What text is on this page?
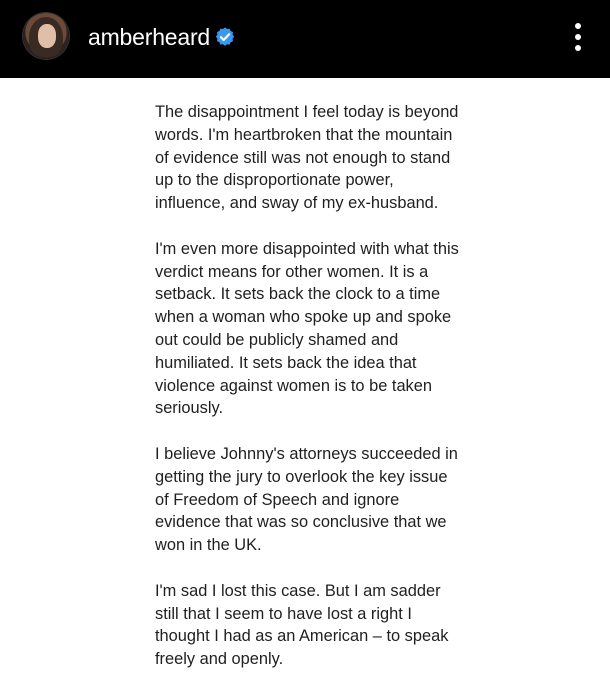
amberheard

The disappointment I feel today is beyond
words. I'm heartbroken that the mountain
of evidence still was not enough to stand
up to the disproportionate power,
influence, and sway of my ex-husband.

I'm even more disappointed with what this
verdict means for other women. It is a
setback. It sets back the clock to a time
when a woman who spoke up and spoke
out could be publicly shamed and
humiliated. It sets back the idea that
violence against women is to be taken
seriously.

I believe Johnny's attorneys succeeded in
getting the jury to overlook the key issue
of Freedom of Speech and ignore
evidence that was so conclusive that we
won in the UK.

I'm sad I lost this case. But I am sadder
still that I seem to have lost a right I
thought I had as an American – to speak
freely and openly.
